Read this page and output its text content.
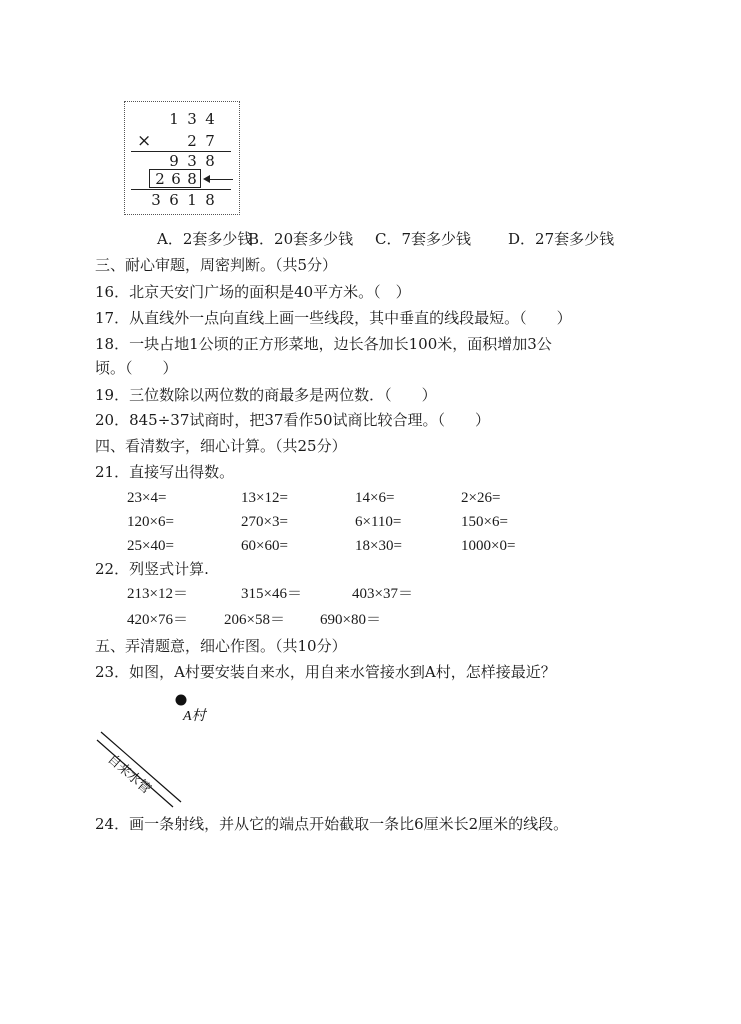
1 3 4
× 2 7
9 3 8
2 6 8
3 6 1 8
A．2套多少钱
B．20套多少钱 C．7套多少钱 D．27套多少钱
三、耐心审题，周密判断。（共5分）
16．北京天安门广场的面积是40平方米。（　）
17．从直线外一点向直线上画一些线段，其中垂直的线段最短。（　　）
18．一块占地1公顷的正方形菜地，边长各加长100米，面积增加3公
顷。（　　）
19．三位数除以两位数的商最多是两位数．（　　）
20．845÷37试商时，把37看作50试商比较合理。（　　）
四、看清数字，细心计算。（共25分）
21．直接写出得数。
23×4=	13×12=	14×6=	2×26=
120×6=	270×3=	6×110=	150×6=
25×40=	60×60=	18×30=	1000×0=
22．列竖式计算.
213×12＝	315×46＝	403×37＝
420×76＝ 206×58＝ 690×80＝
五、弄清题意，细心作图。（共10分）
23．如图，A村要安装自来水，用自来水管接水到A村，怎样接最近？
A村
自来水管
24．画一条射线，并从它的端点开始截取一条比6厘米长2厘米的线段。
